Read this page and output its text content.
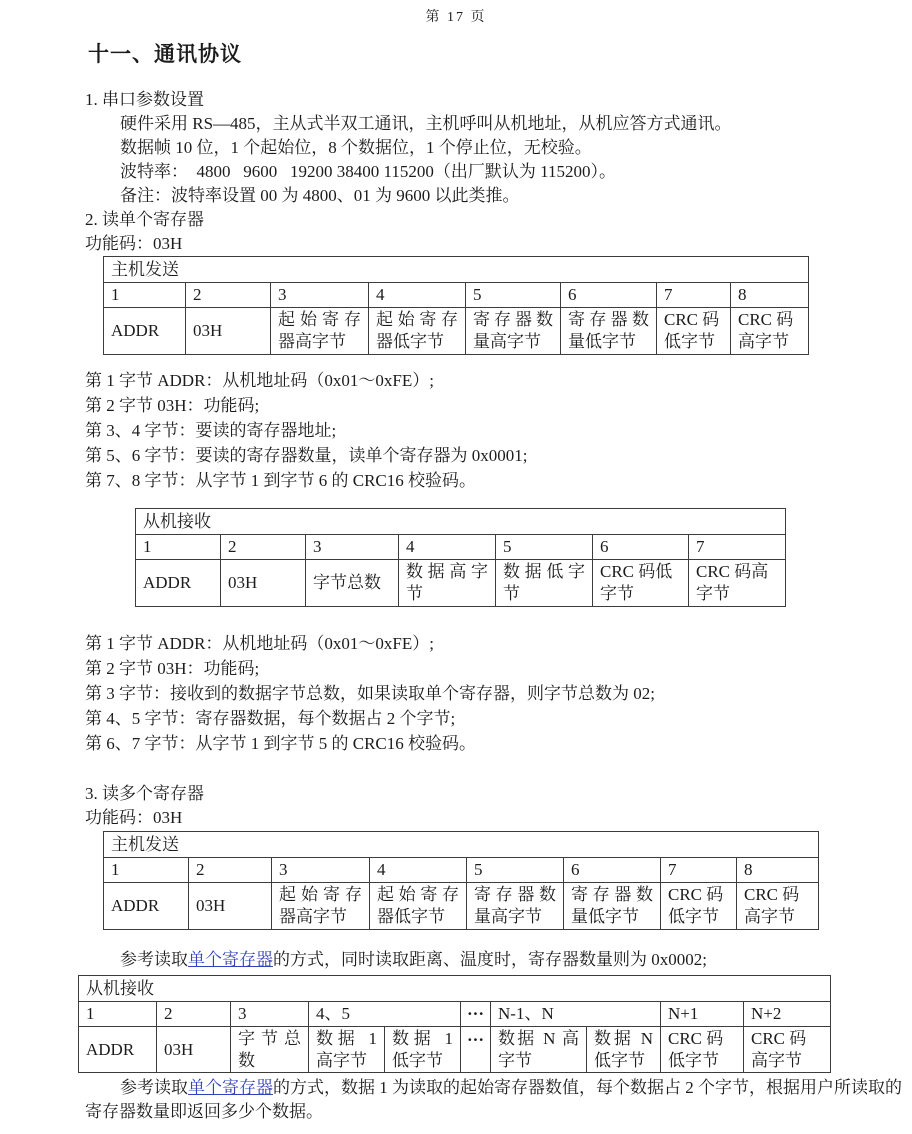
第 17 页
十一、通讯协议
1. 串口参数设置

硬件采用 RS—485，主从式半双工通讯，主机呼叫从机地址，从机应答方式通讯。

数据帧 10 位，1 个起始位，8 个数据位，1 个停止位，无校验。

波特率：  4800   9600   19200 38400 115200（出厂默认为 115200）。

备注：波特率设置 00 为 4800、01 为 9600 以此类推。

2. 读单个寄存器
功能码：03H
主机发送							
1	2	3	4	5	6	7	8
ADDR	03H	起始寄存器高字节	起始寄存器低字节	寄存器数量高字节	寄存器数量低字节	CRC 码低字节	CRC 码高字节

第 1 字节 ADDR：从机地址码（0x01～0xFE）;

第 2 字节 03H：功能码;

第 3、4 字节：要读的寄存器地址;

第 5、6 字节：要读的寄存器数量，读单个寄存器为 0x0001;

第 7、8 字节：从字节 1 到字节 6 的 CRC16 校验码。

从机接收						
1	2	3	4	5	6	7
ADDR	03H	字节总数	数据高字节	数据低字节	CRC 码低字节	CRC 码高字节

第 1 字节 ADDR：从机地址码（0x01～0xFE）;

第 2 字节 03H：功能码;

第 3 字节：接收到的数据字节总数，如果读取单个寄存器，则字节总数为 02;

第 4、5 字节：寄存器数据，每个数据占 2 个字节;

第 6、7 字节：从字节 1 到字节 5 的 CRC16 校验码。

3. 读多个寄存器
功能码：03H
主机发送							
1	2	3	4	5	6	7	8
ADDR	03H	起始寄存器高字节	起始寄存器低字节	寄存器数量高字节	寄存器数量低字节	CRC 码低字节	CRC 码高字节

参考读取单个寄存器的方式，同时读取距离、温度时，寄存器数量则为 0x0002;

从机接收									
1	2	3	4、5		···	N-1、N		N+1	N+2
ADDR	03H	字节总数	数据 1 高字节	数据 1 低字节	···	数据 N 高字节	数据 N 低字节	CRC 码低字节	CRC 码高字节

参考读取单个寄存器的方式，数据 1 为读取的起始寄存器数值，每个数据占 2 个字节，根据用户所读取的寄存器数量即返回多少个数据。
